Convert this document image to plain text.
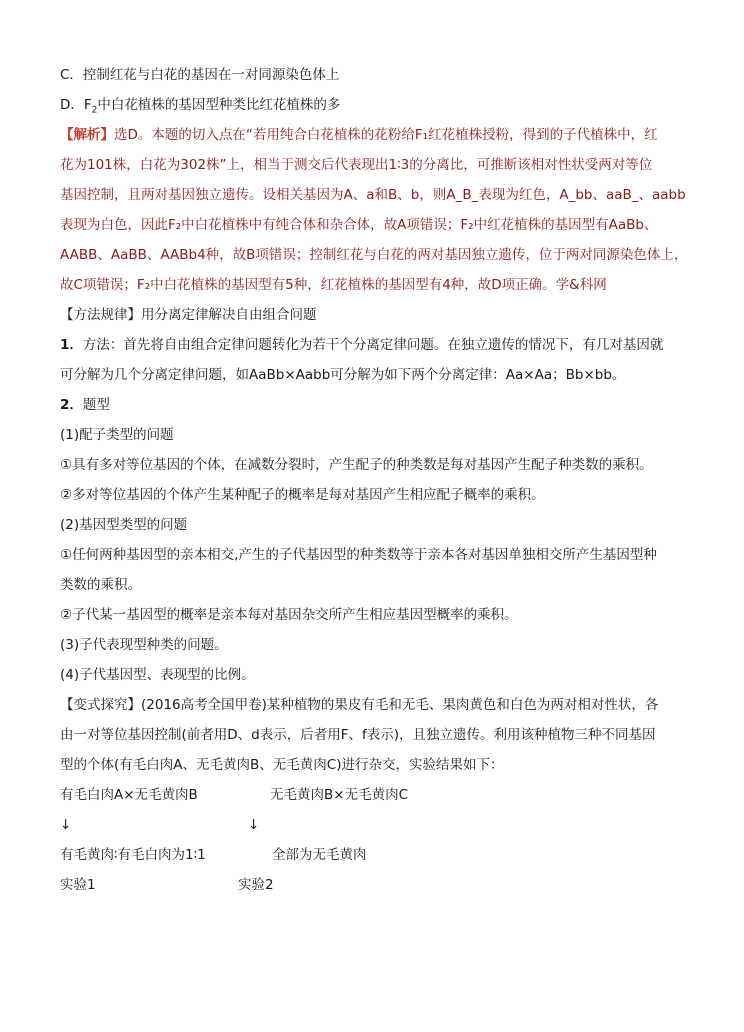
C．控制红花与白花的基因在一对同源染色体上
D．$F_2$中白花植株的基因型种类比红花植株的多
【解析】选D。本题的切入点在“若用纯合白花植株的花粉给F₁红花植株授粉，得到的子代植株中，红
花为101株，白花为302株”上，相当于测交后代表现出1∶3的分离比，可推断该相对性状受两对等位
基因控制，且两对基因独立遗传。设相关基因为A、a和B、b，则A_B_表现为红色，A_bb、aaB_、aabb
表现为白色，因此F₂中白花植株中有纯合体和杂合体，故A项错误；F₂中红花植株的基因型有AaBb、
AABB、AaBB、AABb4种，故B项错误；控制红花与白花的两对基因独立遗传，位于两对同源染色体上，
故C项错误；F₂中白花植株的基因型有5种，红花植株的基因型有4种，故D项正确。学&科网
【方法规律】用分离定律解决自由组合问题
1．方法：首先将自由组合定律问题转化为若干个分离定律问题。在独立遗传的情况下，有几对基因就
可分解为几个分离定律问题，如AaBb×Aabb可分解为如下两个分离定律：Aa×Aa；Bb×bb。
2．题型
(1)配子类型的问题
①具有多对等位基因的个体，在减数分裂时，产生配子的种类数是每对基因产生配子种类数的乘积。
②多对等位基因的个体产生某种配子的概率是每对基因产生相应配子概率的乘积。
(2)基因型类型的问题
①任何两种基因型的亲本相交,产生的子代基因型的种类数等于亲本各对基因单独相交所产生基因型种
类数的乘积。
②子代某一基因型的概率是亲本每对基因杂交所产生相应基因型概率的乘积。
(3)子代表现型种类的问题。
(4)子代基因型、表现型的比例。
【变式探究】(2016高考全国甲卷)某种植物的果皮有毛和无毛、果肉黄色和白色为两对相对性状，各
由一对等位基因控制(前者用D、d表示，后者用F、f表示)，且独立遗传。利用该种植物三种不同基因
型的个体(有毛白肉A、无毛黄肉B、无毛黄肉C)进行杂交，实验结果如下：
有毛白肉A×无毛黄肉B	无毛黄肉B×无毛黄肉C
↓	↓
有毛黄肉∶有毛白肉为1∶1	全部为无毛黄肉
实验1	实验2
